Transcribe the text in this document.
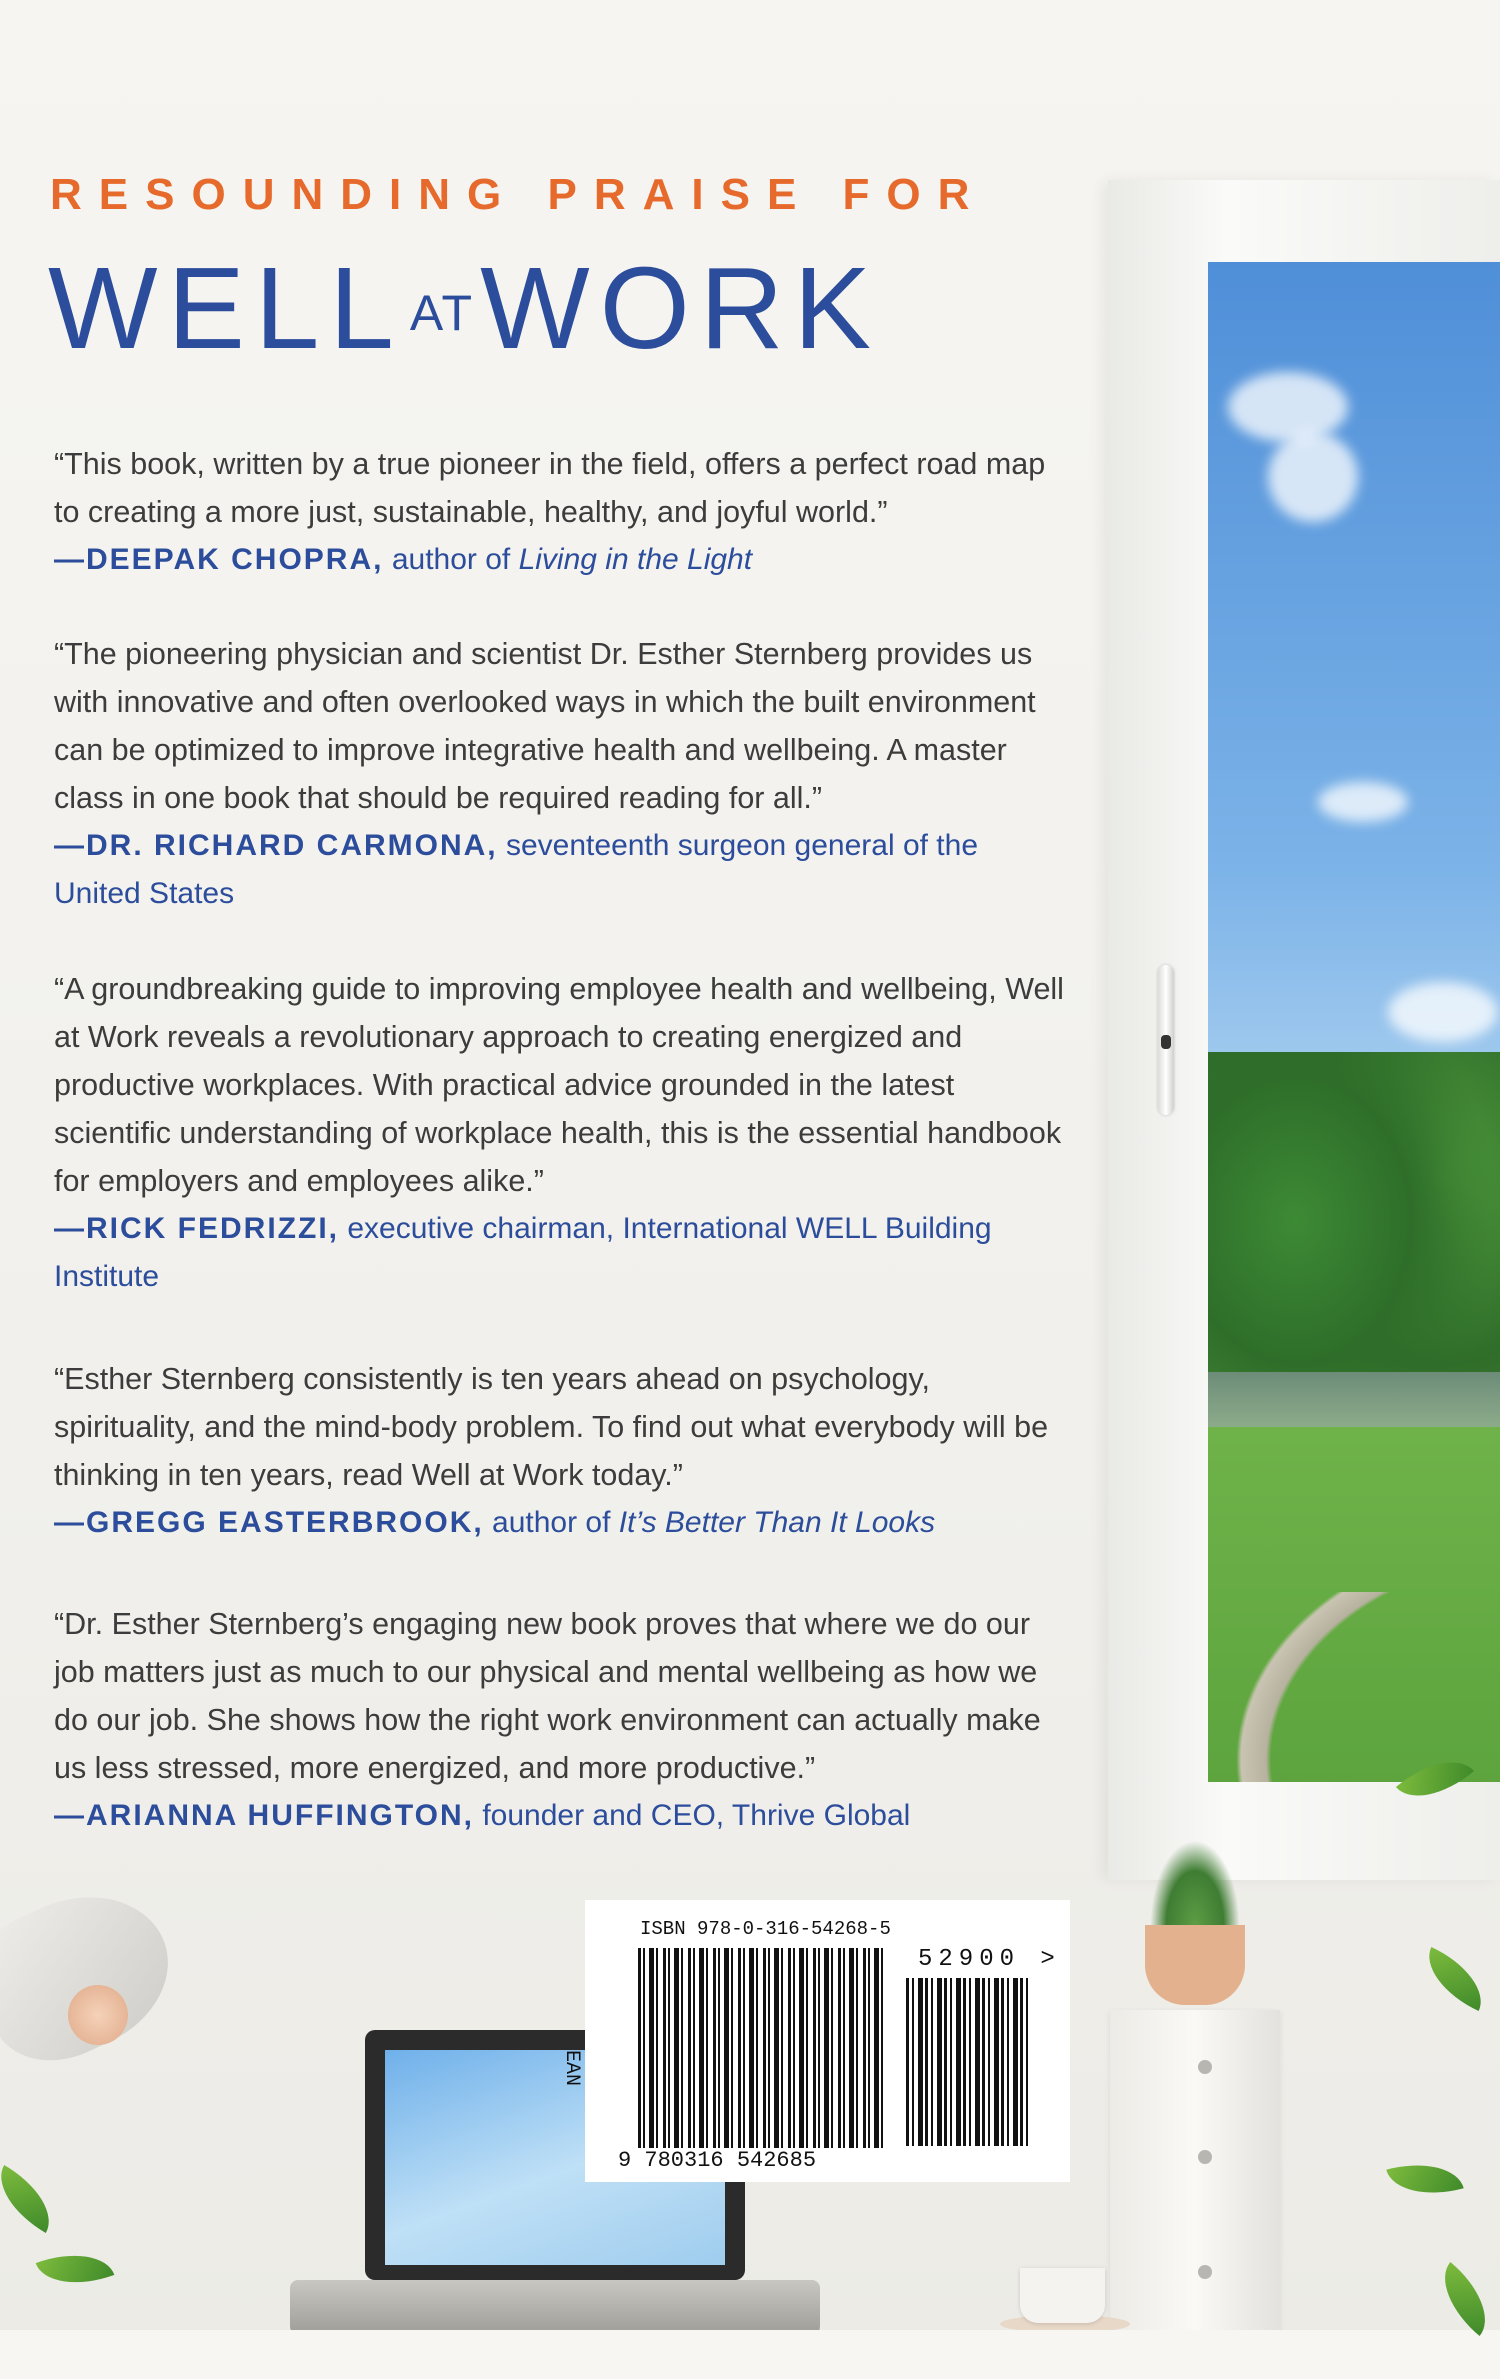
RESOUNDING PRAISE FOR
WELL ATWORK

“This book, written by a true pioneer in the field, offers a perfect road map to creating a more just, sustainable, healthy, and joyful world.”

—DEEPAK CHOPRA, author of Living in the Light

“The pioneering physician and scientist Dr. Esther Sternberg provides us with innovative and often overlooked ways in which the built environment can be optimized to improve integrative health and wellbeing. A master class in one book that should be required reading for all.”

—DR. RICHARD CARMONA, seventeenth surgeon general of the United States

“A groundbreaking guide to improving employee health and wellbeing, Well at Work reveals a revolutionary approach to creating energized and productive workplaces. With practical advice grounded in the latest scientific understanding of workplace health, this is the essential handbook for employers and employees alike.”

—RICK FEDRIZZI, executive chairman, International WELL Building Institute

“Esther Sternberg consistently is ten years ahead on psychology, spirituality, and the mind-body problem. To find out what everybody will be thinking in ten years, read Well at Work today.”

—GREGG EASTERBROOK, author of It’s Better Than It Looks

“Dr. Esther Sternberg’s engaging new book proves that where we do our job matters just as much to our physical and mental wellbeing as how we do our job. She shows how the right work environment can actually make us less stressed, more energized, and more productive.”

—ARIANNA HUFFINGTON, founder and CEO, Thrive Global

ISBN 978-0-316-54268-5
EAN
9 780316 542685
52900 >
